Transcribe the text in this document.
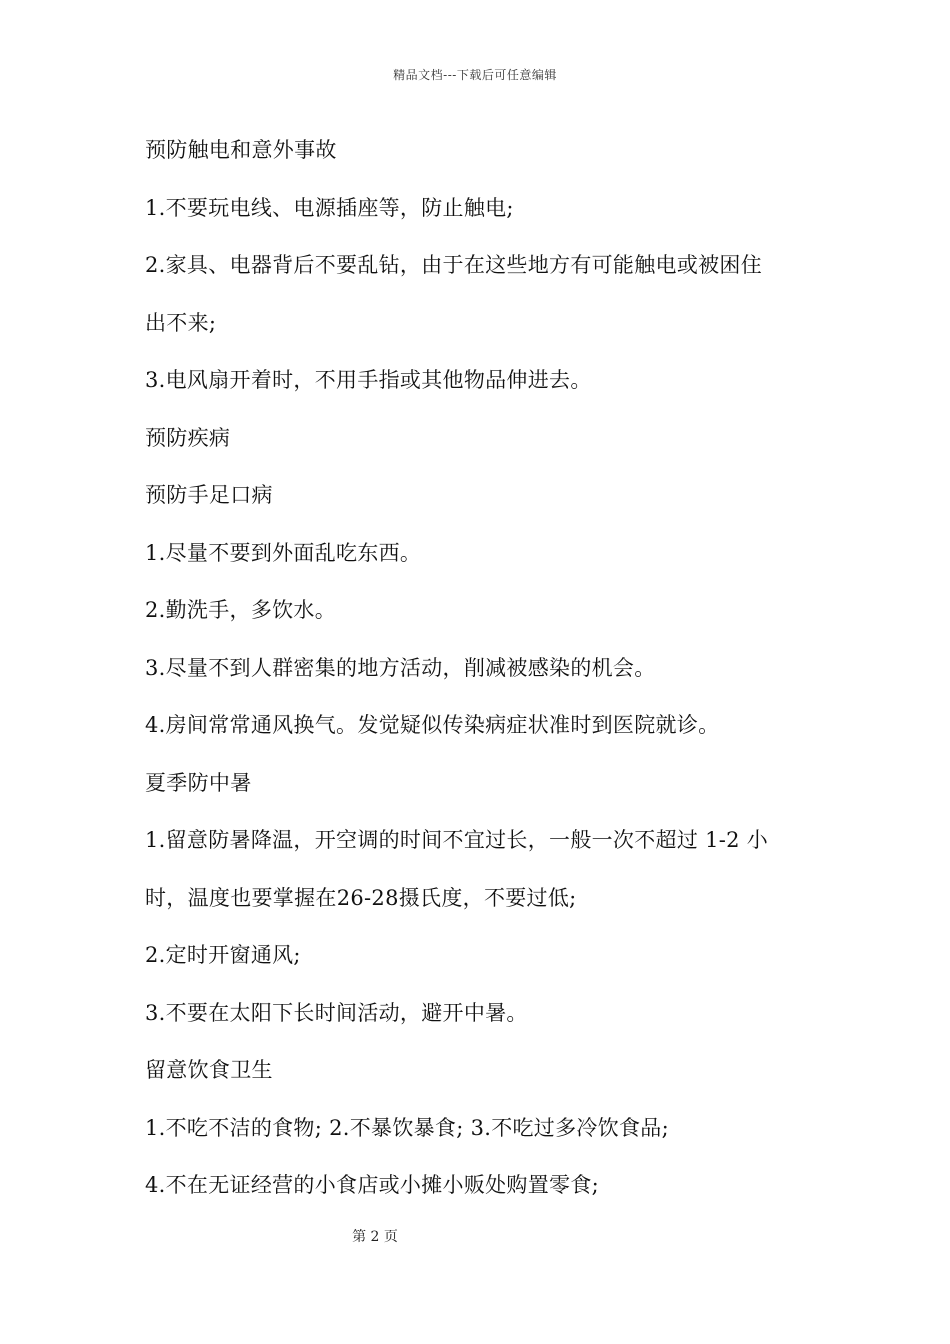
精品文档---下载后可任意编辑
预防触电和意外事故
1.不要玩电线、电源插座等，防止触电;
2.家具、电器背后不要乱钻，由于在这些地方有可能触电或被困住
出不来;
3.电风扇开着时，不用手指或其他物品伸进去。
预防疾病
预防手足口病
1.尽量不要到外面乱吃东西。
2.勤洗手，多饮水。
3.尽量不到人群密集的地方活动，削减被感染的机会。
4.房间常常通风换气。发觉疑似传染病症状准时到医院就诊。
夏季防中暑
1.留意防暑降温，开空调的时间不宜过长，一般一次不超过 1-2 小
时，温度也要掌握在26-28摄氏度，不要过低;
2.定时开窗通风;
3.不要在太阳下长时间活动，避开中暑。
留意饮食卫生
1.不吃不洁的食物; 2.不暴饮暴食; 3.不吃过多冷饮食品;
4.不在无证经营的小食店或小摊小贩处购置零食;
第 2 页
